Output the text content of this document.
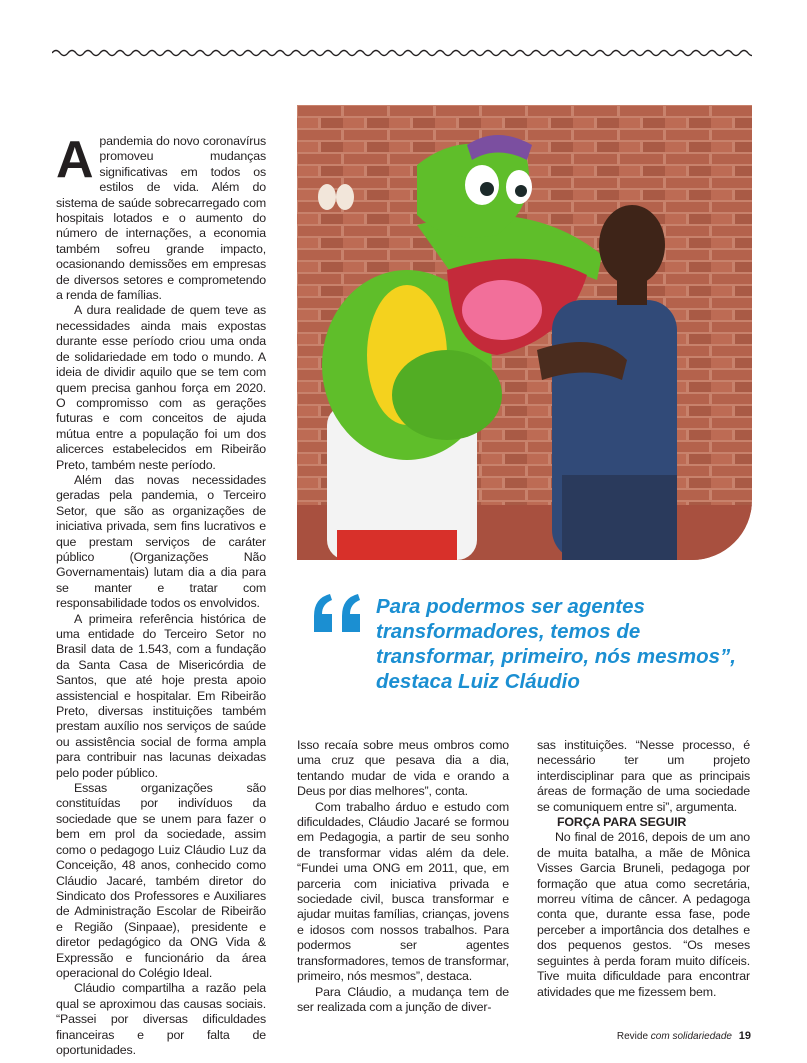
Apandemia do novo coronavírus promoveu mudanças significativas em todos os estilos de vida. Além do sistema de saúde sobrecarregado com hospitais lotados e o aumento do número de internações, a economia também sofreu grande impacto, ocasionando demissões em empresas de diversos setores e comprometendo a renda de famílias.

A dura realidade de quem teve as necessidades ainda mais expostas durante esse período criou uma onda de solidariedade em todo o mundo. A ideia de dividir aquilo que se tem com quem precisa ganhou força em 2020. O compromisso com as gerações futuras e com conceitos de ajuda mútua entre a população foi um dos alicerces estabelecidos em Ribeirão Preto, também neste período.

Além das novas necessidades geradas pela pandemia, o Terceiro Setor, que são as organizações de iniciativa privada, sem fins lucrativos e que prestam serviços de caráter público (Organizações Não Governamentais) lutam dia a dia para se manter e tratar com responsabilidade todos os envolvidos.

A primeira referência histórica de uma entidade do Terceiro Setor no Brasil data de 1.543, com a fundação da Santa Casa de Misericórdia de Santos, que até hoje presta apoio assistencial e hospitalar. Em Ribeirão Preto, diversas instituições também prestam auxílio nos serviços de saúde ou assistência social de forma ampla para contribuir nas lacunas deixadas pelo poder público.

Essas organizações são constituídas por indivíduos da sociedade que se unem para fazer o bem em prol da sociedade, assim como o pedagogo Luiz Cláudio Luz da Conceição, 48 anos, conhecido como Cláudio Jacaré, também diretor do Sindicato dos Professores e Auxiliares de Administração Escolar de Ribeirão e Região (Sinpaae), presidente e diretor pedagógico da ONG Vida & Expressão e funcionário da área operacional do Colégio Ideal.

Cláudio compartilha a razão pela qual se aproximou das causas sociais. “Passei por diversas dificuldades financeiras e por falta de oportunidades.

Para podermos ser agentes transformadores, temos de transformar, primeiro, nós mesmos”, destaca Luiz Cláudio

Isso recaía sobre meus ombros como uma cruz que pesava dia a dia, tentando mudar de vida e orando a Deus por dias melhores”, conta.

Com trabalho árduo e estudo com dificuldades, Cláudio Jacaré se formou em Pedagogia, a partir de seu sonho de transformar vidas além da dele. “Fundei uma ONG em 2011, que, em parceria com iniciativa privada e sociedade civil, busca transformar e ajudar muitas famílias, crianças, jovens e idosos com nossos trabalhos. Para podermos ser agentes transformadores, temos de transformar, primeiro, nós mesmos”, destaca.

Para Cláudio, a mudança tem de ser realizada com a junção de diver-

sas instituições. “Nesse processo, é necessário ter um projeto interdisciplinar para que as principais áreas de formação de uma sociedade se comuniquem entre si”, argumenta.

FORÇA PARA SEGUIR

No final de 2016, depois de um ano de muita batalha, a mãe de Mônica Visses Garcia Bruneli, pedagoga por formação que atua como secretária, morreu vítima de câncer. A pedagoga conta que, durante essa fase, pode perceber a importância dos detalhes e dos pequenos gestos. “Os meses seguintes à perda foram muito difíceis. Tive muita dificuldade para encontrar atividades que me fizessem bem.

Revide com solidariedade 19
